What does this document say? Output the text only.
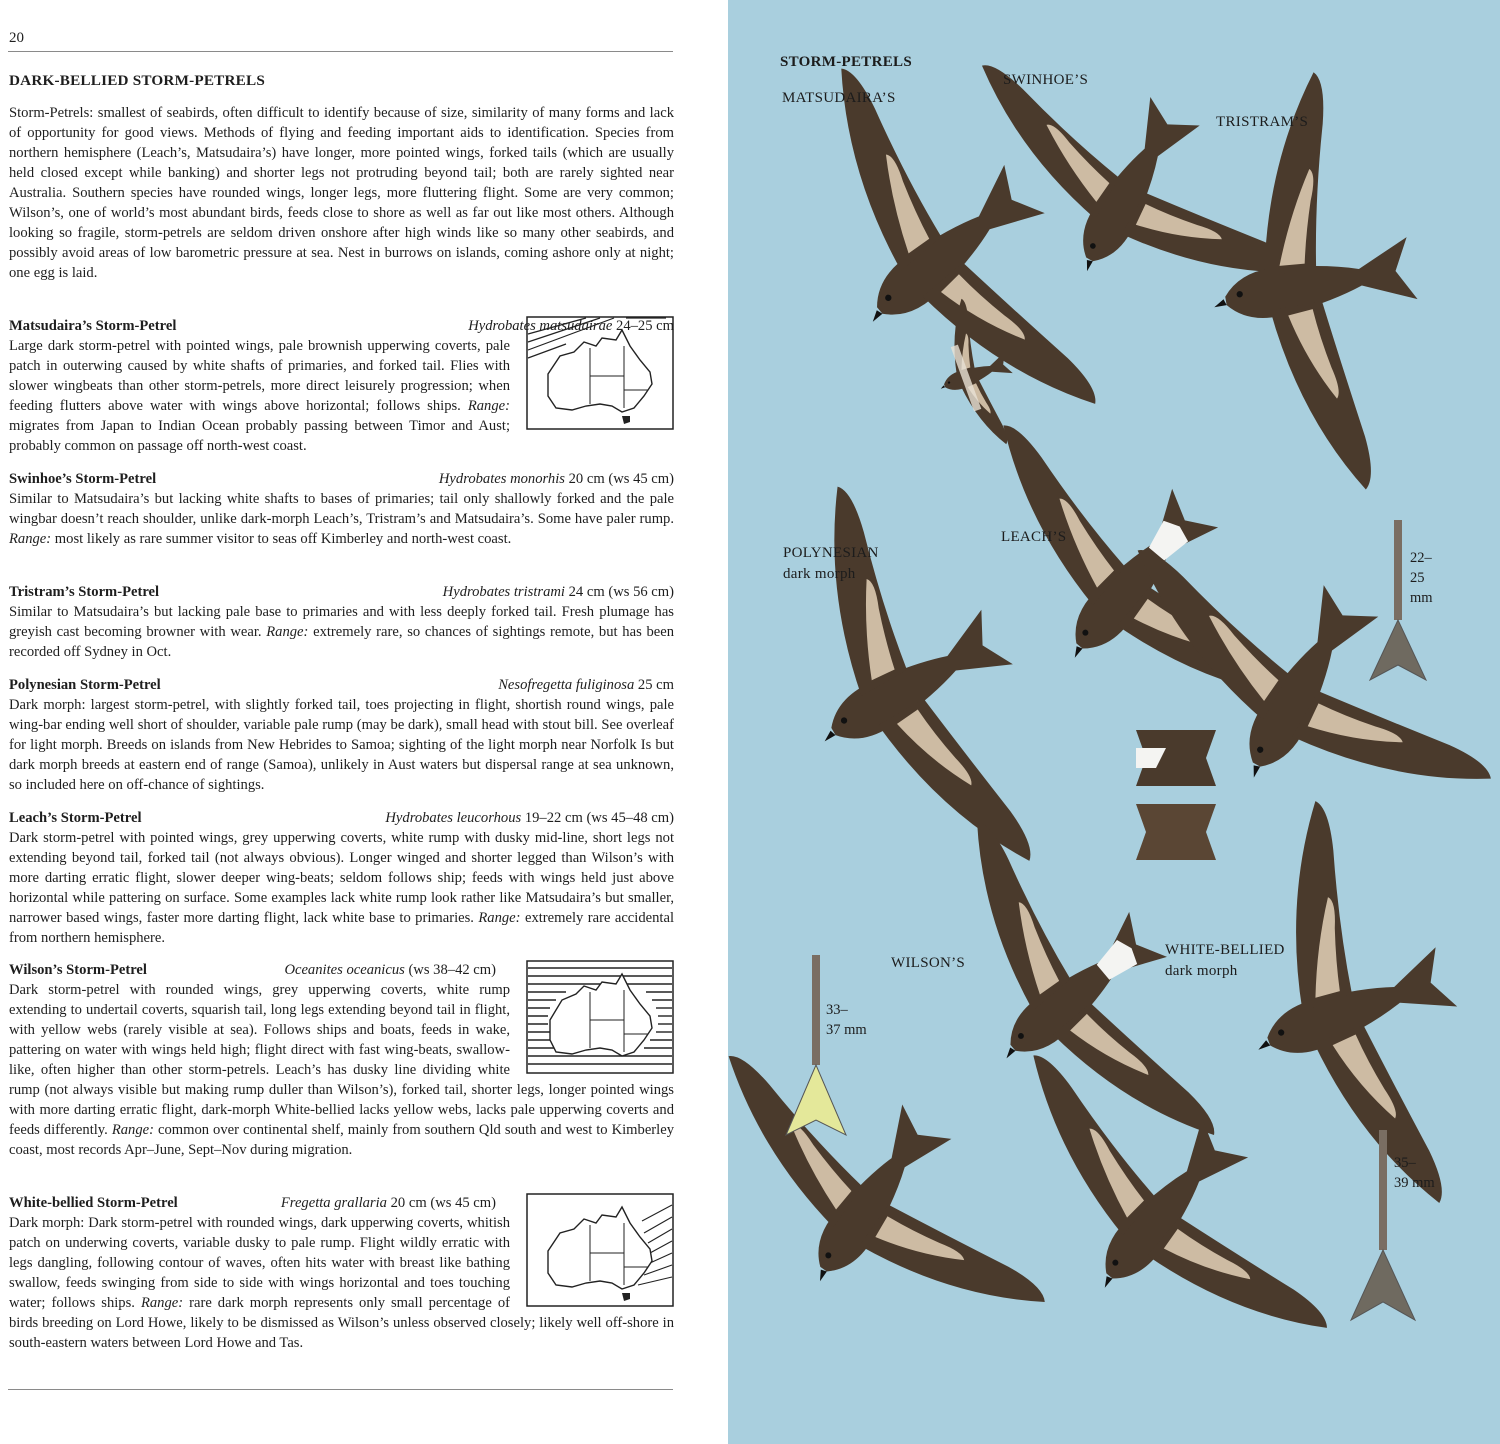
20
DARK-BELLIED STORM-PETRELS
Storm-Petrels: smallest of seabirds, often difficult to identify because of size, similarity of many forms and lack of opportunity for good views. Methods of flying and feeding important aids to identification. Species from northern hemisphere (Leach’s, Matsudaira’s) have longer, more pointed wings, forked tails (which are usually held closed except while banking) and shorter legs not protruding beyond tail; both are rarely sighted near Australia. Southern species have rounded wings, longer legs, more fluttering flight. Some are very common; Wilson’s, one of world’s most abundant birds, feeds close to shore as well as far out like most others. Although looking so fragile, storm-petrels are seldom driven onshore after high winds like so many other seabirds, and possibly avoid areas of low barometric pressure at sea. Nest in burrows on islands, coming ashore only at night; one egg is laid.
Matsudaira’s Storm-Petrel	Hydrobates matsudairae 24–25 cm
Large dark storm-petrel with pointed wings, pale brownish upperwing coverts, pale patch in outerwing caused by white shafts of primaries, and forked tail. Flies with slower wingbeats than other storm-petrels, more direct leisurely progression; when feeding flutters above water with wings above horizontal; follows ships. Range: migrates from Japan to Indian Ocean probably passing between Timor and Aust; probably common on passage off north-west coast.
Swinhoe’s Storm-Petrel	Hydrobates monorhis 20 cm (ws 45 cm)
Similar to Matsudaira’s but lacking white shafts to bases of primaries; tail only shallowly forked and the pale wingbar doesn’t reach shoulder, unlike dark-morph Leach’s, Tristram’s and Matsudaira’s. Some have paler rump. Range: most likely as rare summer visitor to seas off Kimberley and north-west coast.
Tristram’s Storm-Petrel	Hydrobates tristrami 24 cm (ws 56 cm)
Similar to Matsudaira’s but lacking pale base to primaries and with less deeply forked tail. Fresh plumage has greyish cast becoming browner with wear. Range: extremely rare, so chances of sightings remote, but has been recorded off Sydney in Oct.
Polynesian Storm-Petrel	Nesofregetta fuliginosa 25 cm
Dark morph: largest storm-petrel, with slightly forked tail, toes projecting in flight, shortish round wings, pale wing-bar ending well short of shoulder, variable pale rump (may be dark), small head with stout bill. See overleaf for light morph. Breeds on islands from New Hebrides to Samoa; sighting of the light morph near Norfolk Is but dark morph breeds at eastern end of range (Samoa), unlikely in Aust waters but dispersal range at sea unknown, so included here on off-chance of sightings.
Leach’s Storm-Petrel	Hydrobates leucorhous 19–22 cm (ws 45–48 cm)
Dark storm-petrel with pointed wings, grey upperwing coverts, white rump with dusky mid-line, short legs not extending beyond tail, forked tail (not always obvious). Longer winged and shorter legged than Wilson’s with more darting erratic flight, slower deeper wing-beats; seldom follows ship; feeds with wings held just above horizontal while pattering on surface. Some examples lack white rump look rather like Matsudaira’s but smaller, narrower based wings, faster more darting flight, lack white base to primaries. Range: extremely rare accidental from northern hemisphere.
Wilson’s Storm-Petrel	Oceanites oceanicus (ws 38–42 cm)
Dark storm-petrel with rounded wings, grey upperwing coverts, white rump extending to undertail coverts, squarish tail, long legs extending beyond tail in flight, with yellow webs (rarely visible at sea). Follows ships and boats, feeds in wake, pattering on water with wings held high; flight direct with fast wing-beats, swallow-like, often higher than other storm-petrels. Leach’s has dusky line dividing white rump (not always visible but making rump duller than Wilson’s), forked tail, shorter legs, longer pointed wings with more darting erratic flight, dark-morph White-bellied lacks yellow webs, lacks pale upperwing coverts and feeds differently. Range: common over continental shelf, mainly from southern Qld south and west to Kimberley coast, most records Apr–June, Sept–Nov during migration.
White-bellied Storm-Petrel	Fregetta grallaria 20 cm (ws 45 cm)
Dark morph: Dark storm-petrel with rounded wings, dark upperwing coverts, whitish patch on underwing coverts, variable dusky to pale rump. Flight wildly erratic with legs dangling, following contour of waves, often hits water with breast like bathing swallow, feeds swinging from side to side with wings horizontal and toes touching water; follows ships. Range: rare dark morph represents only small percentage of birds breeding on Lord Howe, likely to be dismissed as Wilson’s unless observed closely; likely well off-shore in south-eastern waters between Lord Howe and Tas.
STORM-PETRELS
MATSUDAIRA’S
SWINHOE’S
TRISTRAM’S
POLYNESIAN
dark morph
LEACH’S
WILSON’S
WHITE-BELLIED
dark morph
22–
25
mm
33–
37 mm
35–
39 mm
